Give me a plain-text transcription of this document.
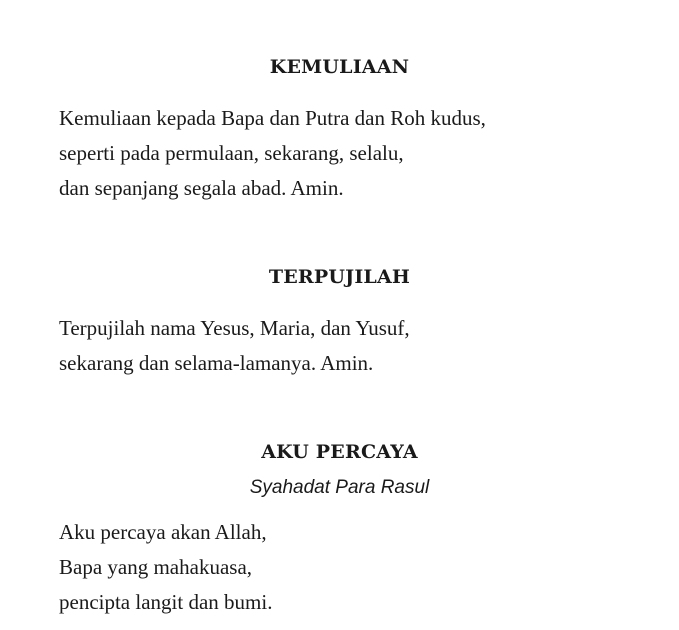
KEMULIAAN
Kemuliaan kepada Bapa dan Putra dan Roh kudus,
seperti pada permulaan, sekarang, selalu,
dan sepanjang segala abad. Amin.
TERPUJILAH
Terpujilah nama Yesus, Maria, dan Yusuf,
sekarang dan selama-lamanya. Amin.
AKU PERCAYA
Syahadat Para Rasul
Aku percaya akan Allah,
Bapa yang mahakuasa,
pencipta langit dan bumi.
